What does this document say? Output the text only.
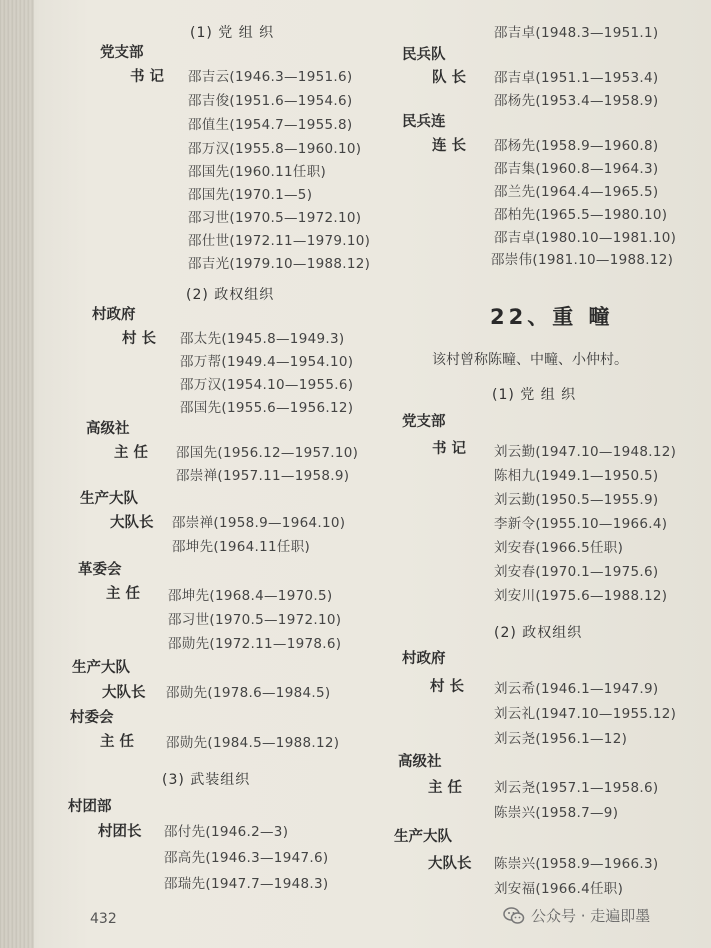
(1) 党 组 织
党支部
书 记 邵吉云(1946.3—1951.6)
邵吉俊(1951.6—1954.6)
邵值生(1954.7—1955.8)
邵万汉(1955.8—1960.10)
邵国先(1960.11任职)
邵国先(1970.1—5)
邵习世(1970.5—1972.10)
邵仕世(1972.11—1979.10)
邵吉光(1979.10—1988.12)
(2) 政权组织
村政府
村 长 邵太先(1945.8—1949.3)
邵万帮(1949.4—1954.10)
邵万汉(1954.10—1955.6)
邵国先(1955.6—1956.12)
高级社
主 任 邵国先(1956.12—1957.10)
邵崇禅(1957.11—1958.9)
生产大队
大队长 邵崇禅(1958.9—1964.10)
邵坤先(1964.11任职)
革委会
主 任 邵坤先(1968.4—1970.5)
邵习世(1970.5—1972.10)
邵勋先(1972.11—1978.6)
生产大队
大队长 邵勋先(1978.6—1984.5)
村委会
主 任 邵勋先(1984.5—1988.12)
(3) 武装组织
村团部
村团长 邵付先(1946.2—3)
邵高先(1946.3—1947.6)
邵瑞先(1947.7—1948.3)
432
邵吉卓(1948.3—1951.1)
民兵队
队 长 邵吉卓(1951.1—1953.4)
邵杨先(1953.4—1958.9)
民兵连
连 长 邵杨先(1958.9—1960.8)
邵吉集(1960.8—1964.3)
邵兰先(1964.4—1965.5)
邵柏先(1965.5—1980.10)
邵吉卓(1980.10—1981.10)
邵崇伟(1981.10—1988.12)
22、重 疃
该村曾称陈疃、中疃、小仲村。
(1) 党 组 织
党支部
书 记 刘云勤(1947.10—1948.12)
陈相九(1949.1—1950.5)
刘云勤(1950.5—1955.9)
李新令(1955.10—1966.4)
刘安春(1966.5任职)
刘安春(1970.1—1975.6)
刘安川(1975.6—1988.12)
(2) 政权组织
村政府
村 长 刘云希(1946.1—1947.9)
刘云礼(1947.10—1955.12)
刘云尧(1956.1—12)
高级社
主 任 刘云尧(1957.1—1958.6)
陈崇兴(1958.7—9)
生产大队
大队长 陈崇兴(1958.9—1966.3)
刘安福(1966.4任职)
公众号 · 走遍即墨
